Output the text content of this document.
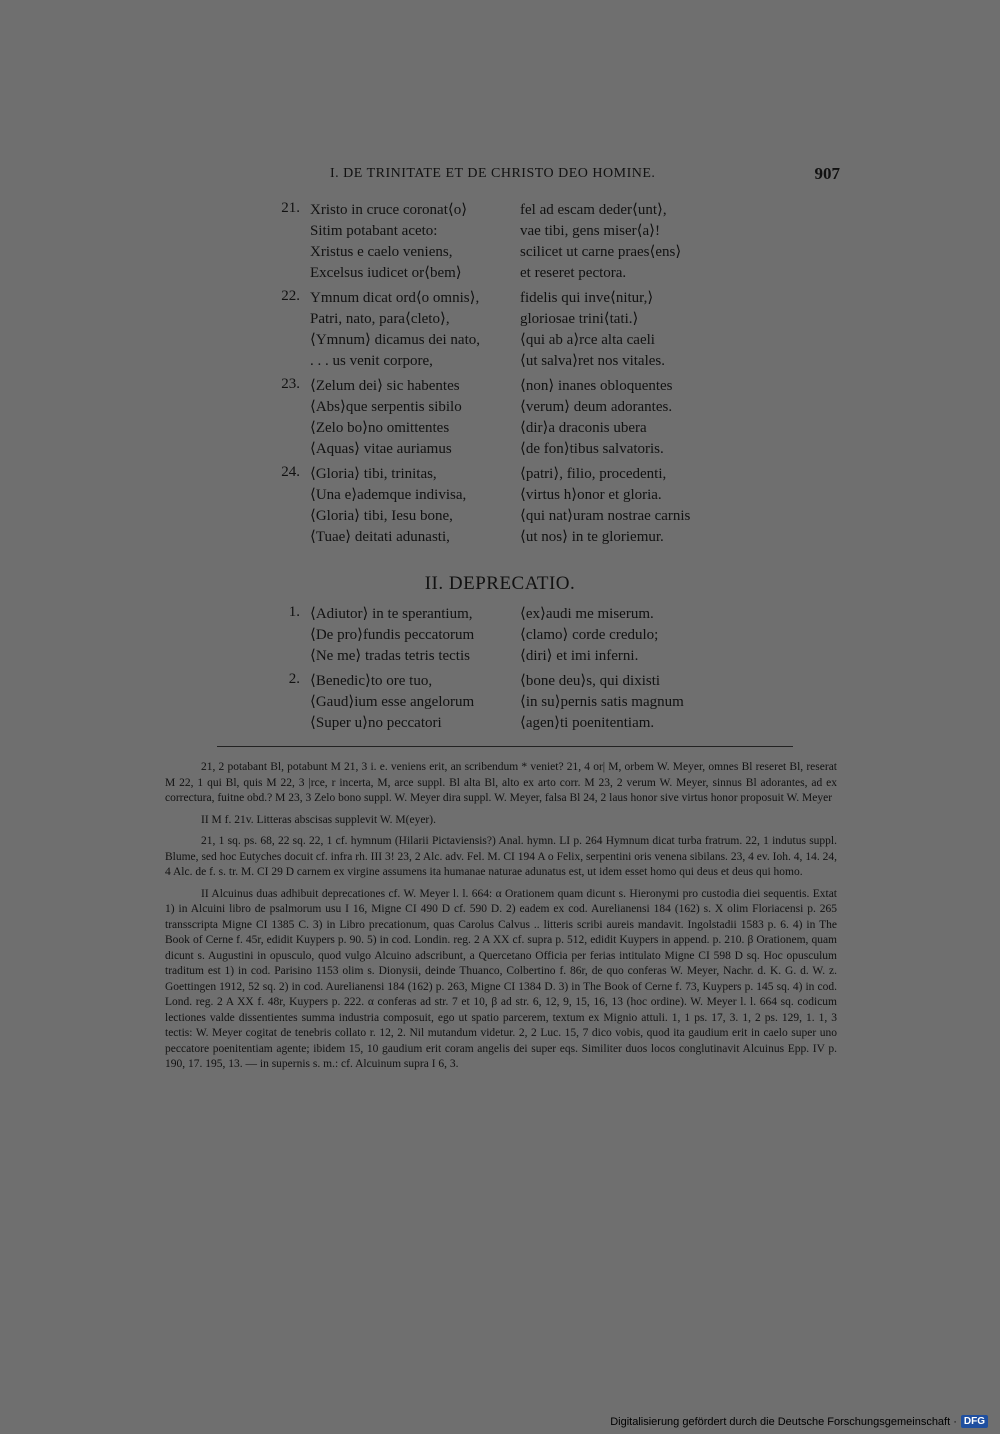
I. DE TRINITATE ET DE CHRISTO DEO HOMINE.	907
21. Xristo in cruce coronat⟨o⟩	fel ad escam deder⟨unt⟩,
Sitim potabant aceto:	vae tibi, gens miser⟨a⟩!
Xristus e caelo veniens,	scilicet ut carne praes⟨ens⟩
Excelsus iudicet or⟨bem⟩	et reseret pectora.
22. Ymnum dicat ord⟨o omnis⟩,	fidelis qui inve⟨nitur,⟩
Patri, nato, para⟨cleto⟩,	gloriosae trini⟨tati.⟩
⟨Ymnum⟩ dicamus dei nato,	⟨qui ab a⟩rce alta caeli
. . . us venit corpore,	⟨ut salva⟩ret nos vitales.
23. ⟨Zelum dei⟩ sic habentes	⟨non⟩ inanes obloquentes
⟨Abs⟩que serpentis sibilo	⟨verum⟩ deum adorantes.
⟨Zelo bo⟩no omittentes	⟨dir⟩a draconis ubera
⟨Aquas⟩ vitae auriamus	⟨de fon⟩tibus salvatoris.
24. ⟨Gloria⟩ tibi, trinitas,	⟨patri⟩, filio, procedenti,
⟨Una e⟩ademque indivisa,	⟨virtus h⟩onor et gloria.
⟨Gloria⟩ tibi, Iesu bone,	⟨qui nat⟩uram nostrae carnis
⟨Tuae⟩ deitati adunasti,	⟨ut nos⟩ in te gloriemur.
II. DEPRECATIO.
1. ⟨Adiutor⟩ in te sperantium,	⟨ex⟩audi me miserum.
⟨De pro⟩fundis peccatorum	⟨clamo⟩ corde credulo;
⟨Ne me⟩ tradas tetris tectis	⟨diri⟩ et imi inferni.
2. ⟨Benedic⟩to ore tuo,	⟨bone deu⟩s, qui dixisti
⟨Gaud⟩ium esse angelorum	⟨in su⟩pernis satis magnum
⟨Super u⟩no peccatori	⟨agen⟩ti poenitentiam.

21, 2 potabant Bl, potabunt M 21, 3 i. e. veniens erit, an scribendum * veniet? 21, 4 or| M, orbem W. Meyer, omnes Bl reseret Bl, reserat M 22, 1 qui Bl, quis M 22, 3 |rce, r incerta, M, arce suppl. Bl alta Bl, alto ex arto corr. M 23, 2 verum W. Meyer, sinnus Bl adorantes, ad ex correctura, fuitne obd.? M 23, 3 Zelo bono suppl. W. Meyer dira suppl. W. Meyer, falsa Bl 24, 2 laus honor sive virtus honor proposuit W. Meyer

II M f. 21v. Litteras abscisas supplevit W. M(eyer).

21, 1 sq. ps. 68, 22 sq. 22, 1 cf. hymnum (Hilarii Pictaviensis?) Anal. hymn. LI p. 264 Hymnum dicat turba fratrum. 22, 1 indutus suppl. Blume, sed hoc Eutyches docuit cf. infra rh. III 3! 23, 2 Alc. adv. Fel. M. CI 194 A o Felix, serpentini oris venena sibilans. 23, 4 ev. Ioh. 4, 14. 24, 4 Alc. de f. s. tr. M. CI 29 D carnem ex virgine assumens ita humanae naturae adunatus est, ut idem esset homo qui deus et deus qui homo.

II Alcuinus duas adhibuit deprecationes cf. W. Meyer l. l. 664: α Orationem quam dicunt s. Hieronymi pro custodia diei sequentis. Extat 1) in Alcuini libro de psalmorum usu I 16, Migne CI 490 D cf. 590 D. 2) eadem ex cod. Aurelianensi 184 (162) s. X olim Floriacensi p. 265 transscripta Migne CI 1385 C. 3) in Libro precationum, quas Carolus Calvus .. litteris scribi aureis mandavit. Ingolstadii 1583 p. 6. 4) in The Book of Cerne f. 45r, edidit Kuypers p. 90. 5) in cod. Londin. reg. 2 A XX cf. supra p. 512, edidit Kuypers in append. p. 210. β Orationem, quam dicunt s. Augustini in opusculo, quod vulgo Alcuino adscribunt, a Quercetano Officia per ferias intitulato Migne CI 598 D sq. Hoc opusculum traditum est 1) in cod. Parisino 1153 olim s. Dionysii, deinde Thuanco, Colbertino f. 86r, de quo conferas W. Meyer, Nachr. d. K. G. d. W. z. Goettingen 1912, 52 sq. 2) in cod. Aurelianensi 184 (162) p. 263, Migne CI 1384 D. 3) in The Book of Cerne f. 73, Kuypers p. 145 sq. 4) in cod. Lond. reg. 2 A XX f. 48r, Kuypers p. 222. α conferas ad str. 7 et 10, β ad str. 6, 12, 9, 15, 16, 13 (hoc ordine). W. Meyer l. l. 664 sq. codicum lectiones valde dissentientes summa industria composuit, ego ut spatio parcerem, textum ex Mignio attuli. 1, 1 ps. 17, 3. 1, 2 ps. 129, 1. 1, 3 tectis: W. Meyer cogitat de tenebris collato r. 12, 2. Nil mutandum videtur. 2, 2 Luc. 15, 7 dico vobis, quod ita gaudium erit in caelo super uno peccatore poenitentiam agente; ibidem 15, 10 gaudium erit coram angelis dei super eqs. Similiter duos locos conglutinavit Alcuinus Epp. IV p. 190, 17. 195, 13. — in supernis s. m.: cf. Alcuinum supra I 6, 3.

Digitalisierung gefördert durch die Deutsche Forschungsgemeinschaft · DFG
